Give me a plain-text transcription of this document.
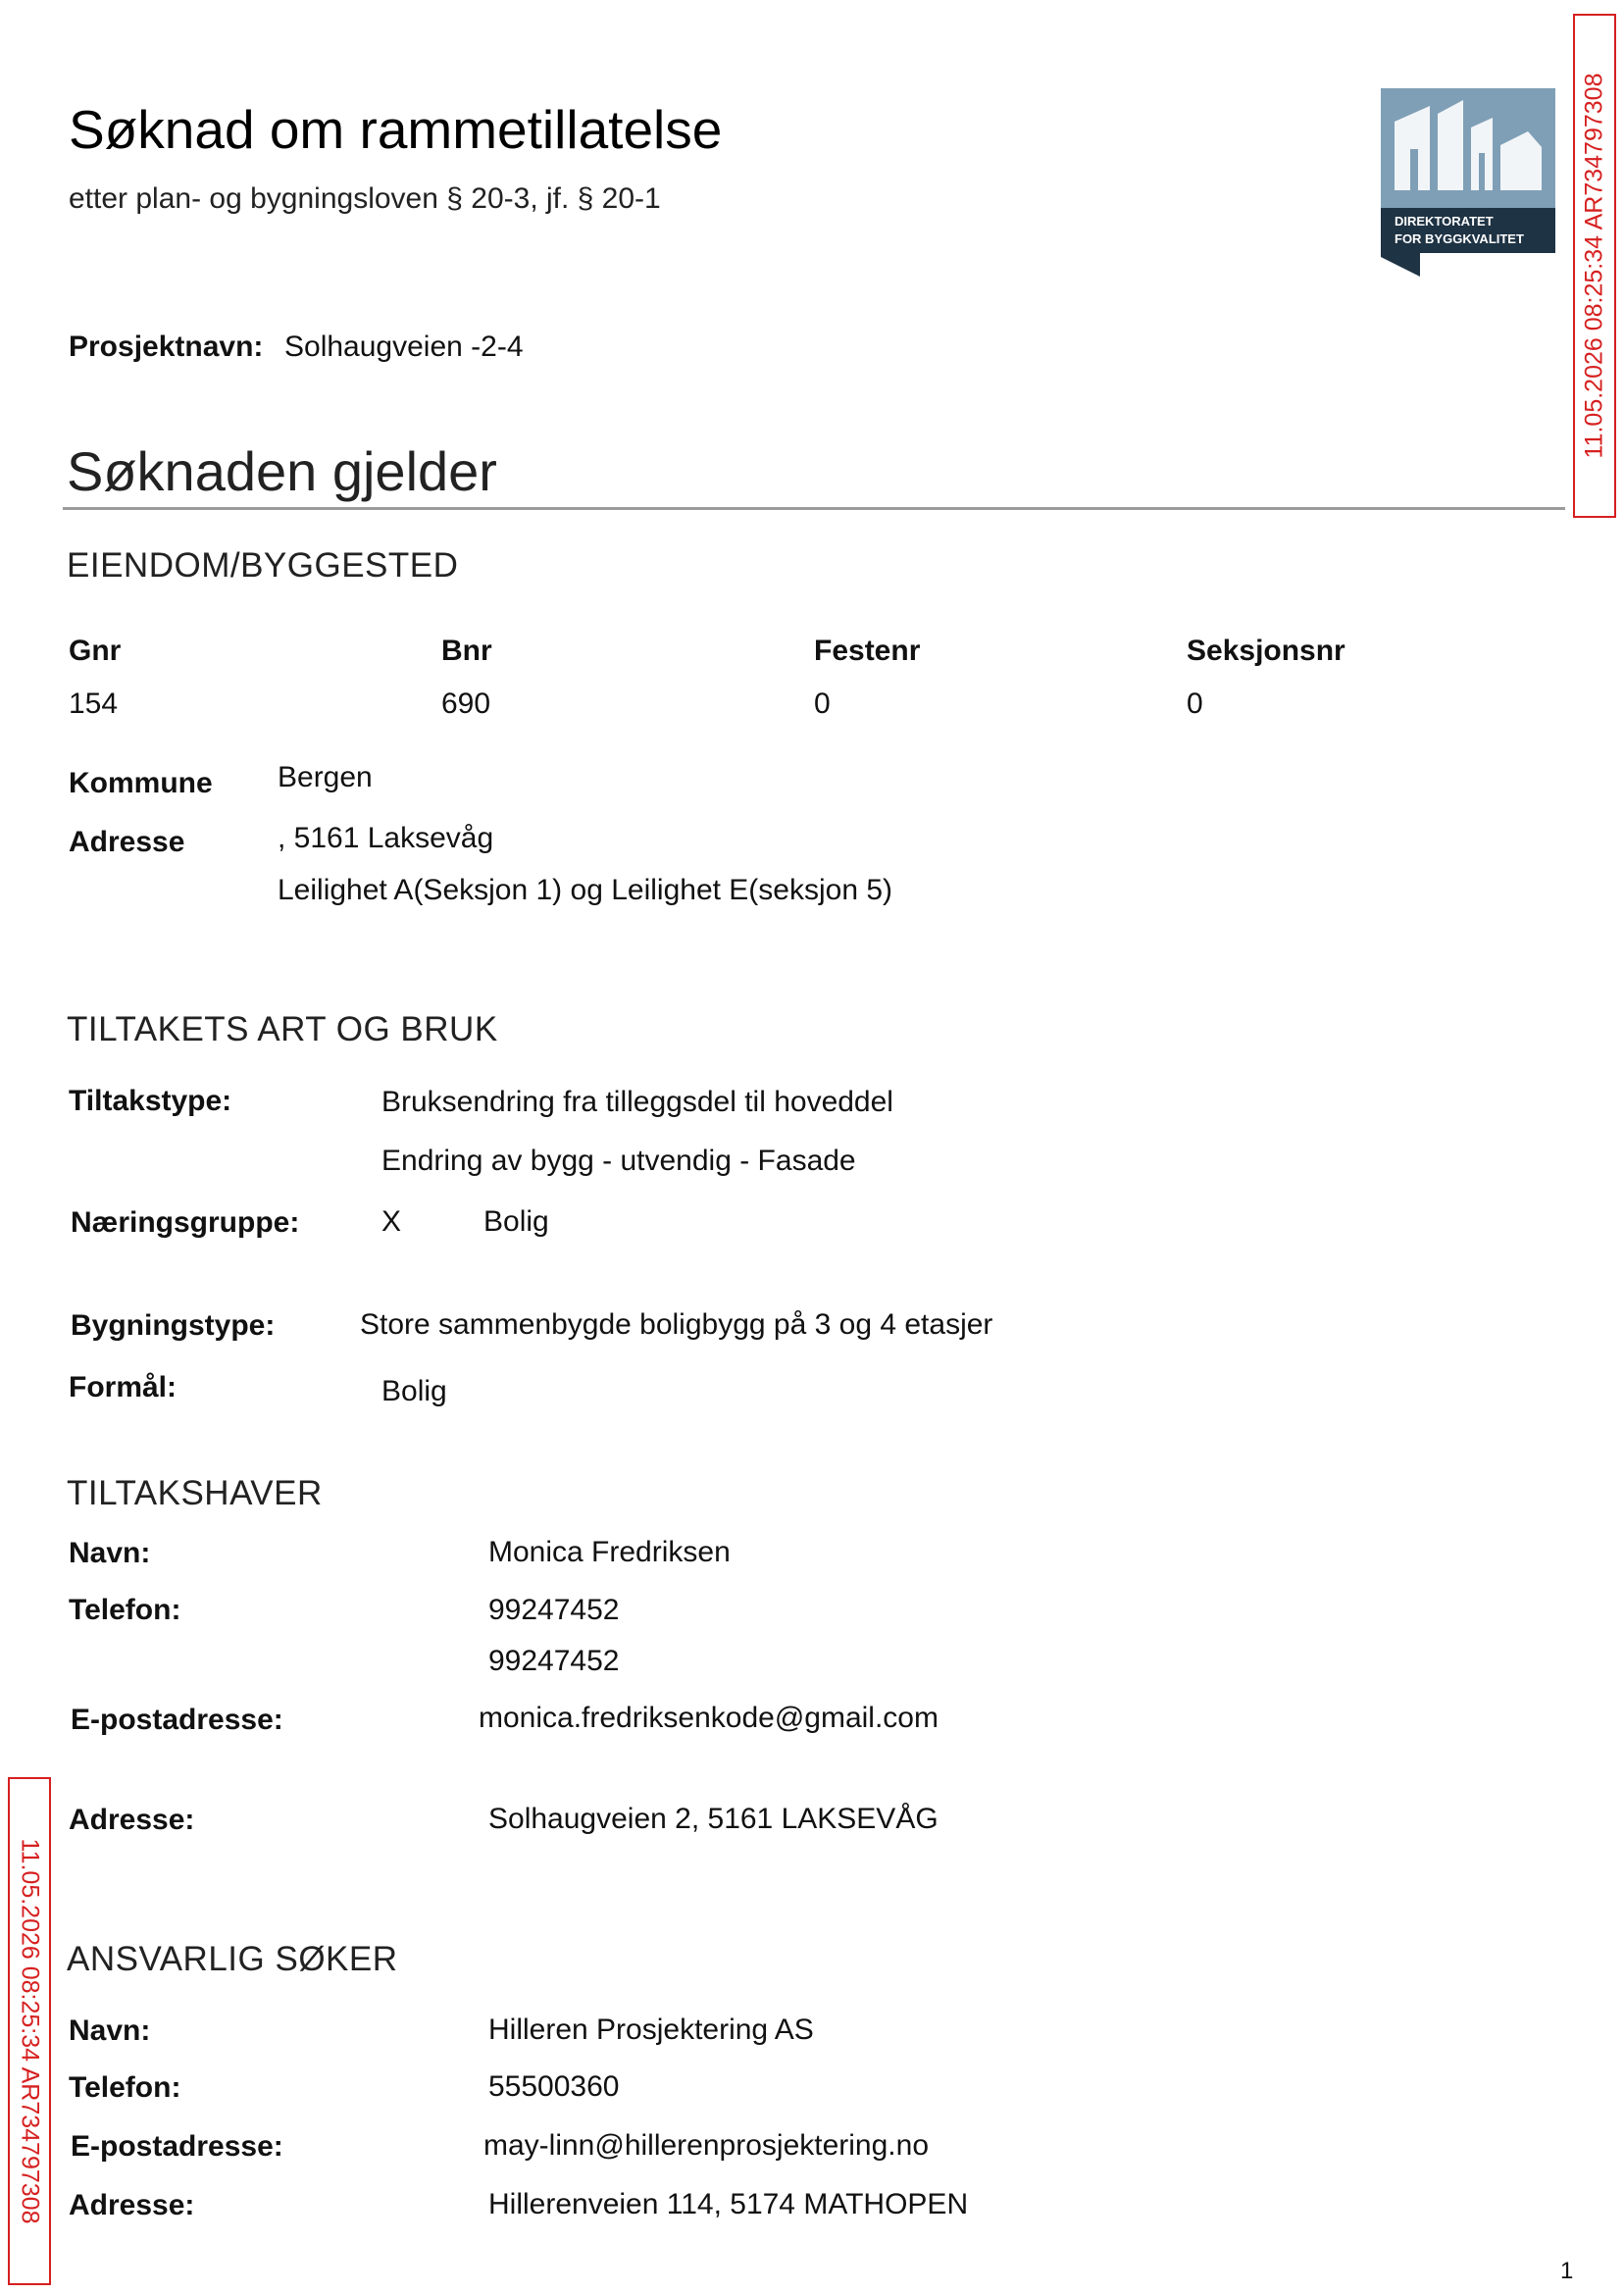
Søknad om rammetillatelse
etter plan- og bygningsloven § 20-3, jf. § 20-1
DIREKTORATET
FOR BYGGKVALITET
Prosjektnavn: Solhaugveien -2-4
Søknaden gjelder
EIENDOM/BYGGESTED
Gnr	Bnr	Festenr	Seksjonsnr
154	690	0	0
Kommune Bergen
Adresse	, 5161 Laksevåg
Leilighet A(Seksjon 1) og Leilighet E(seksjon 5)
TILTAKETS ART OG BRUK
Tiltakstype:	Bruksendring fra tilleggsdel til hoveddel
Endring av bygg - utvendig - Fasade
Næringsgruppe:	X	Bolig
Bygningstype:	Store sammenbygde boligbygg på 3 og 4 etasjer
Formål:	Bolig
TILTAKSHAVER
Navn:	Monica Fredriksen
Telefon:	99247452
99247452
E-postadresse:	monica.fredriksenkode@gmail.com
Adresse:	Solhaugveien 2, 5161 LAKSEVÅG
ANSVARLIG SØKER
Navn:	Hilleren Prosjektering AS
Telefon:	55500360
E-postadresse:	may-linn@hillerenprosjektering.no
Adresse:	Hillerenveien 114, 5174 MATHOPEN
11.05.2026 08:25:34 AR734797308
11.05.2026 08:25:34 AR734797308
1
